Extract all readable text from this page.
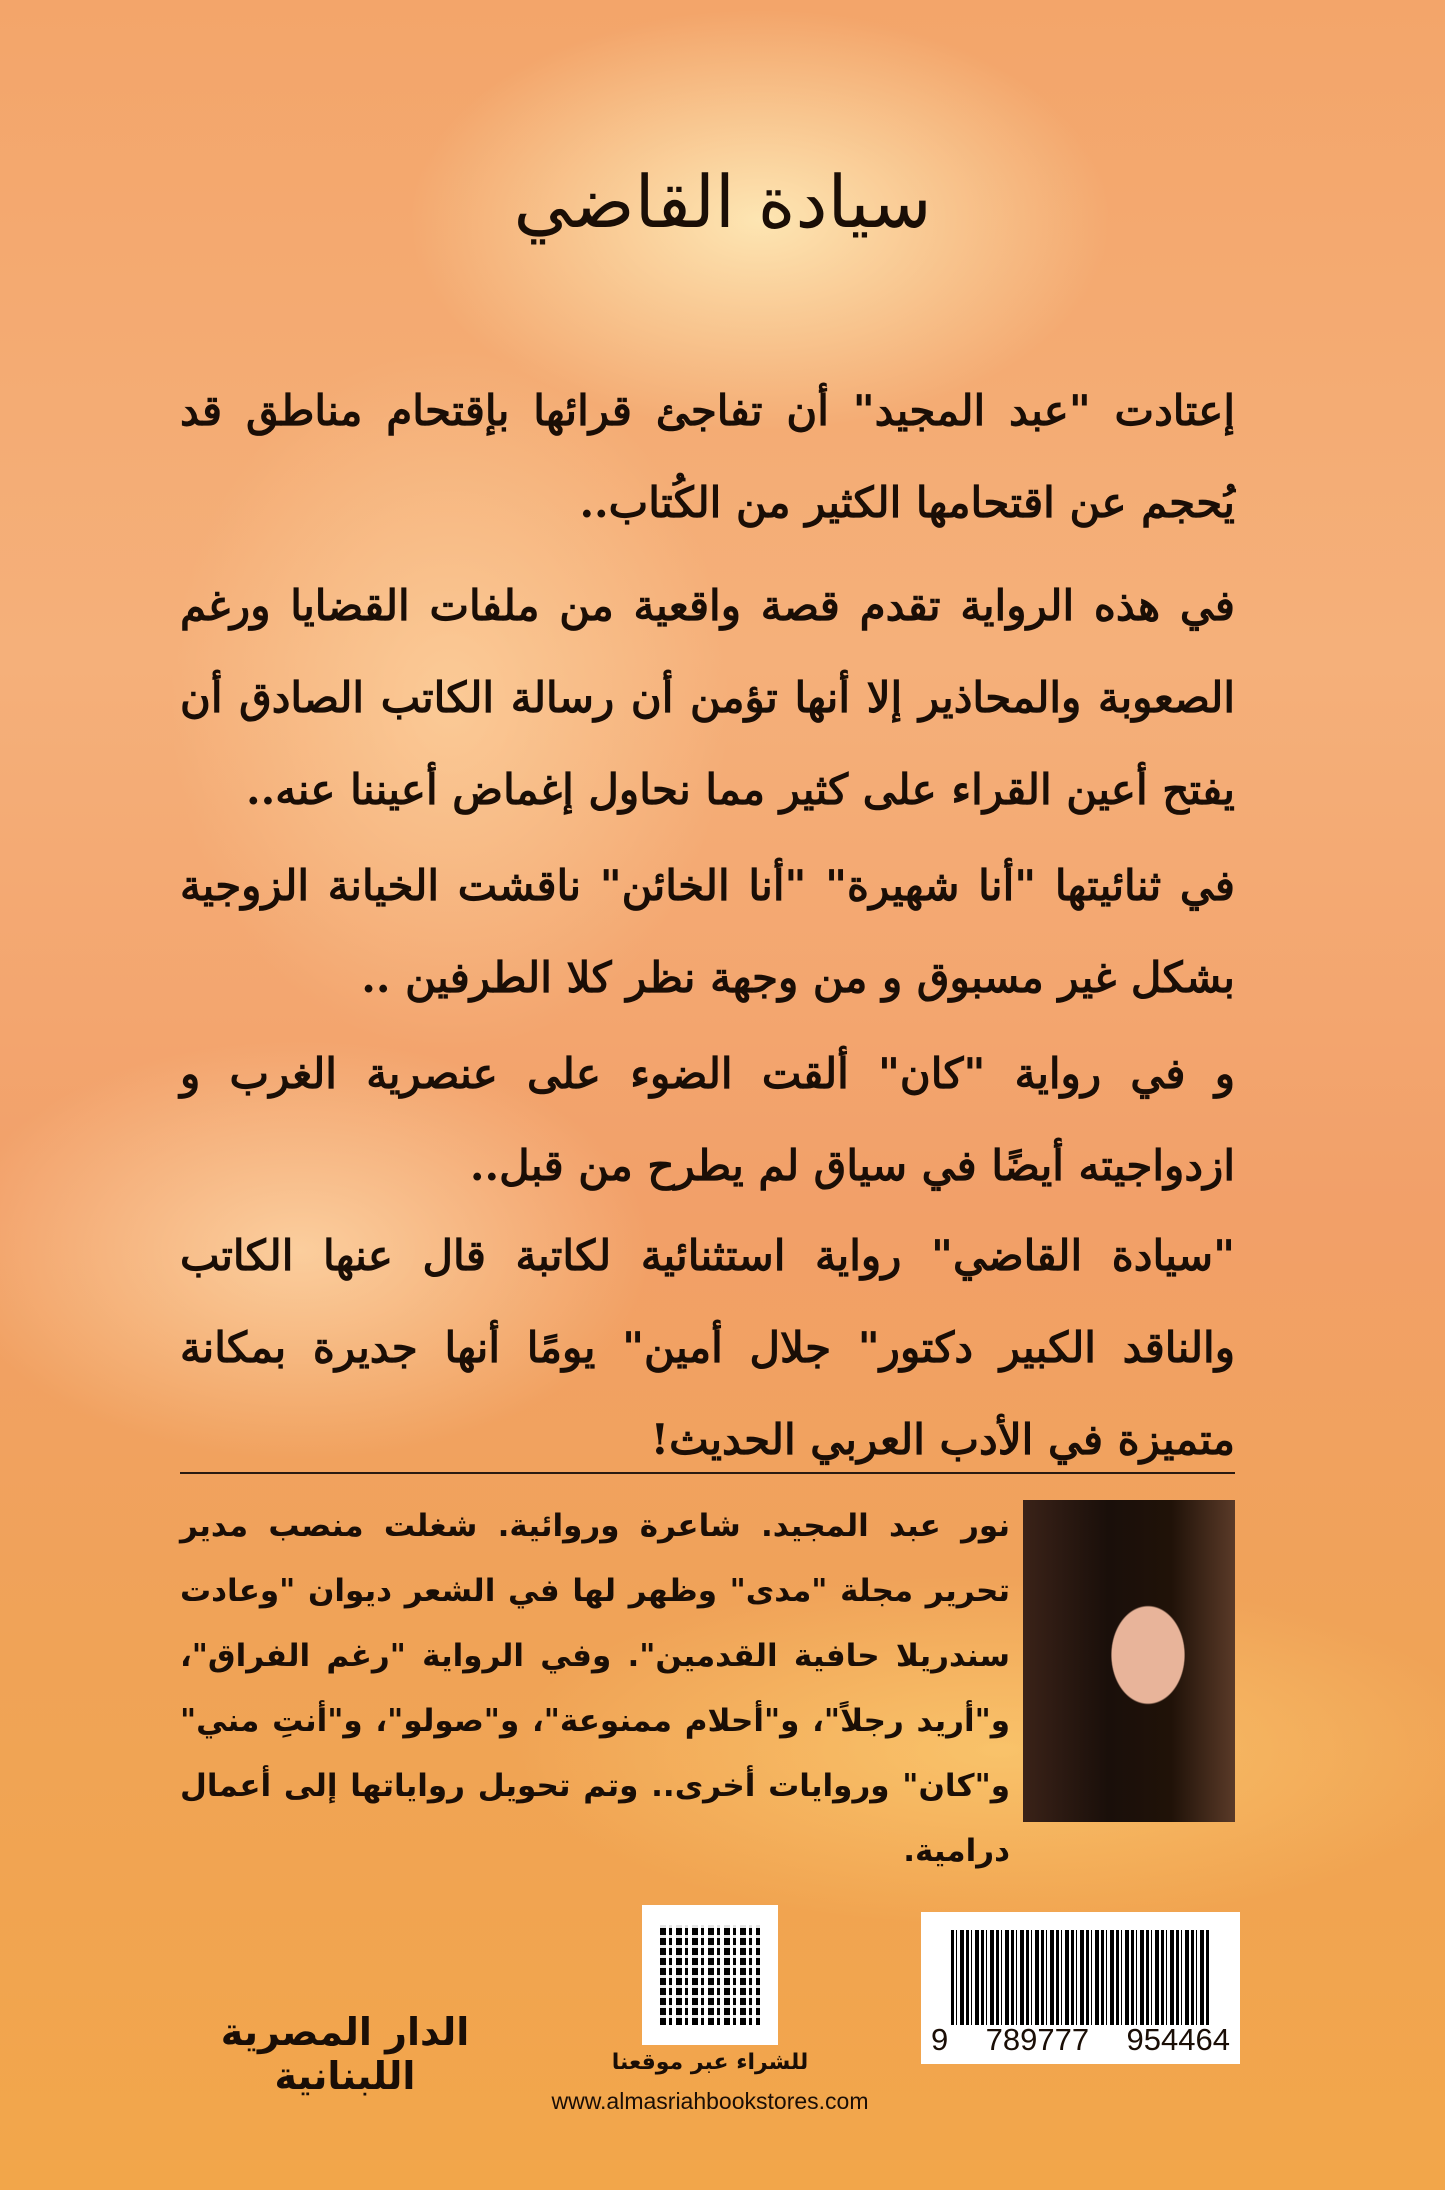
سيادة القاضي
إعتادت "عبد المجيد" أن تفاجئ قرائها بإقتحام مناطق قد يُحجم عن اقتحامها الكثير من الكُتاب..
في هذه الرواية تقدم قصة واقعية من ملفات القضايا ورغم الصعوبة والمحاذير إلا أنها تؤمن أن رسالة الكاتب الصادق أن يفتح أعين القراء على كثير مما نحاول إغماض أعيننا عنه..
في ثنائيتها "أنا شهيرة" "أنا الخائن" ناقشت الخيانة الزوجية بشكل غير مسبوق و من وجهة نظر كلا الطرفين ..
و في رواية "كان" ألقت الضوء على عنصرية الغرب و ازدواجيته أيضًا في سياق لم يطرح من قبل..
"سيادة القاضي" رواية استثنائية لكاتبة قال عنها الكاتب والناقد الكبير دكتور" جلال أمين" يومًا أنها جديرة بمكانة متميزة في الأدب العربي الحديث!
نور عبد المجيد. شاعرة وروائية. شغلت منصب مدير تحرير مجلة "مدى" وظهر لها في الشعر ديوان "وعادت سندريلا حافية القدمين". وفي الرواية "رغم الفراق"، و"أريد رجلاً"، و"أحلام ممنوعة"، و"صولو"، و"أنتِ مني" و"كان" وروايات أخرى.. وتم تحويل رواياتها إلى أعمال درامية.
9 789777 954464
للشراء عبر موقعنا
www.almasriahbookstores.com
الدار المصرية اللبنانية
